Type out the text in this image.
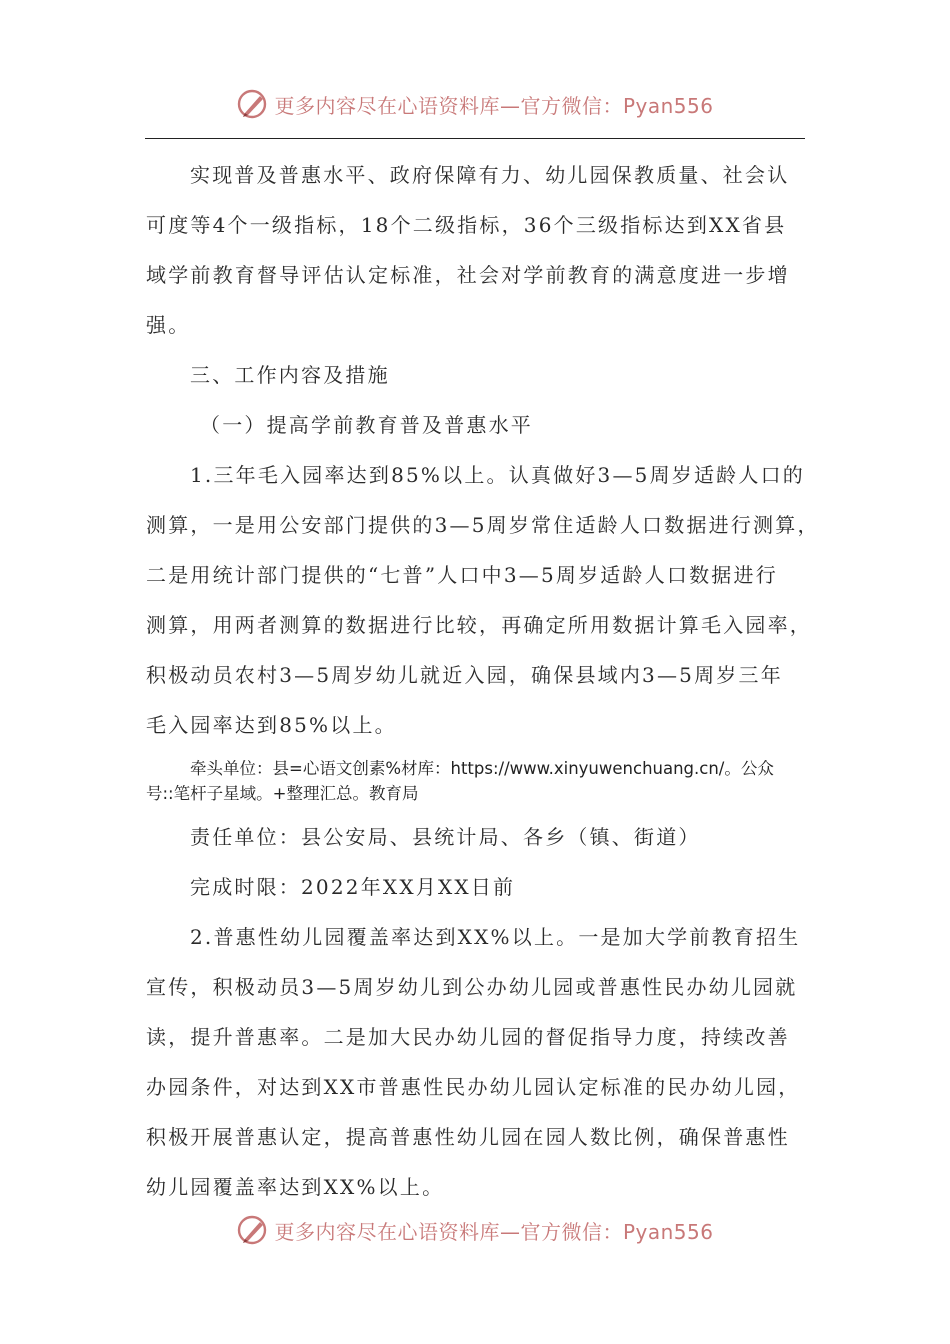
更多内容尽在心语资料库—官方微信：Pyan556

实现普及普惠水平、政府保障有力、幼儿园保教质量、社会认

可度等4个一级指标，18个二级指标，36个三级指标达到XX省县

域学前教育督导评估认定标准，社会对学前教育的满意度进一步增

强。

三、工作内容及措施

（一）提高学前教育普及普惠水平

1.三年毛入园率达到85%以上。认真做好3—5周岁适龄人口的

测算，一是用公安部门提供的3—5周岁常住适龄人口数据进行测算，

二是用统计部门提供的“七普”人口中3—5周岁适龄人口数据进行

测算，用两者测算的数据进行比较，再确定所用数据计算毛入园率，

积极动员农村3—5周岁幼儿就近入园，确保县域内3—5周岁三年

毛入园率达到85%以上。

牵头单位：县=心语文创素%材库：https://www.xinyuwenchuang.cn/。公众

号::笔杆子星域。+整理汇总。教育局

责任单位：县公安局、县统计局、各乡（镇、街道）

完成时限：2022年XX月XX日前

2.普惠性幼儿园覆盖率达到XX%以上。一是加大学前教育招生

宣传，积极动员3—5周岁幼儿到公办幼儿园或普惠性民办幼儿园就

读，提升普惠率。二是加大民办幼儿园的督促指导力度，持续改善

办园条件，对达到XX市普惠性民办幼儿园认定标准的民办幼儿园，

积极开展普惠认定，提高普惠性幼儿园在园人数比例，确保普惠性

幼儿园覆盖率达到XX%以上。

更多内容尽在心语资料库—官方微信：Pyan556
